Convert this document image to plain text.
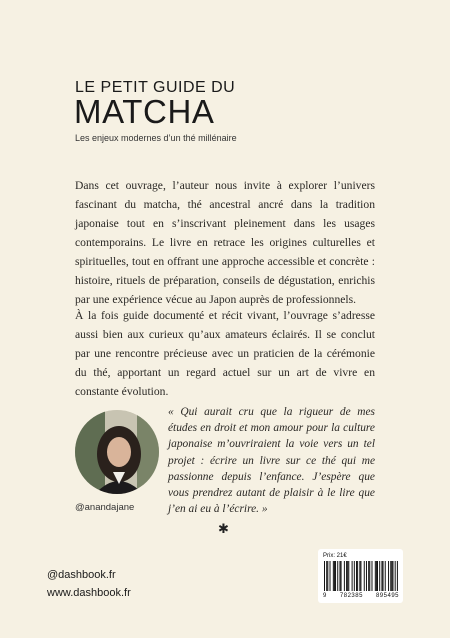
LE PETIT GUIDE DU
MATCHA
Les enjeux modernes d’un thé millénaire

Dans cet ouvrage, l’auteur nous invite à explorer l’univers fascinant du matcha, thé ancestral ancré dans la tradition japonaise tout en s’inscrivant pleinement dans les usages contemporains. Le livre en retrace les origines culturelles et spirituelles, tout en offrant une approche accessible et concrète : histoire, rituels de préparation, conseils de dégustation, enrichis par une expérience vécue au Japon auprès de professionnels.

À la fois guide documenté et récit vivant, l’ouvrage s’adresse aussi bien aux curieux qu’aux amateurs éclairés. Il se conclut par une rencontre précieuse avec un praticien de la cérémonie du thé, apportant un regard actuel sur un art de vivre en constante évolution.

@anandajane

« Qui aurait cru que la rigueur de mes études en droit et mon amour pour la culture japonaise m’ouvriraient la voie vers un tel projet : écrire un livre sur ce thé qui me passionne depuis l’enfance. J’espère que vous prendrez autant de plaisir à le lire que j’en ai eu à l’écrire. »

✱
@dashbook.fr
www.dashbook.fr
Prix: 21€
9 782385 895495
